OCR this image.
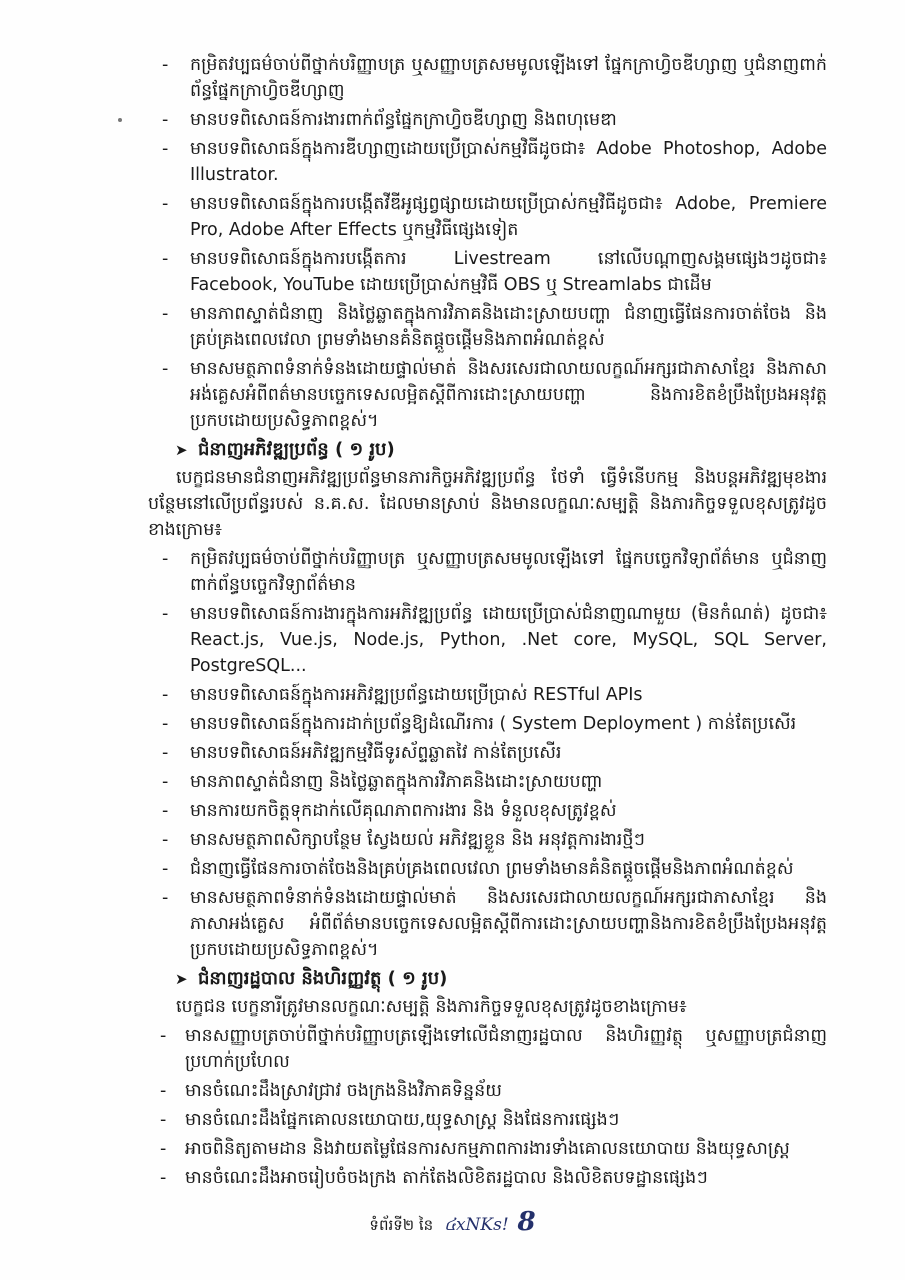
- កម្រិតវប្បធម៌ចាប់ពីថ្នាក់បរិញ្ញាបត្រ ឬសញ្ញាបត្រសមមូលឡើងទៅ ផ្នែកក្រាហ្វិចឌីហ្សាញ ឬជំនាញពាក់ព័ន្ធផ្នែកក្រាហ្វិចឌីហ្សាញ
- មានបទពិសោធន៍ការងារពាក់ព័ន្ធផ្នែកក្រាហ្វិចឌីហ្សាញ និងពហុមេឌា
- មានបទពិសោធន៍ក្នុងការឌីហ្សាញដោយប្រើប្រាស់កម្មវិធីដូចជា៖ Adobe Photoshop, Adobe Illustrator.
- មានបទពិសោធន៍ក្នុងការបង្កើតវីឌីអូផ្សព្វផ្សាយដោយប្រើប្រាស់កម្មវិធីដូចជា៖ Adobe, Premiere Pro, Adobe After Effects ឬកម្មវិធីផ្សេងទៀត
- មានបទពិសោធន៍ក្នុងការបង្កើតការ Livestream នៅលើបណ្តាញសង្គមផ្សេងៗដូចជា៖ Facebook, YouTube ដោយប្រើប្រាស់កម្មវិធី OBS ឬ Streamlabs ជាដើម
- មានភាពស្ទាត់ជំនាញ និងថ្លៃឆ្លាតក្នុងការវិភាគនិងដោះស្រាយបញ្ហា ជំនាញធ្វើផែនការចាត់ចែង និងគ្រប់គ្រងពេលវេលា ព្រមទាំងមានគំនិតផ្តួចផ្តើមនិងភាពអំណត់ខ្ពស់
- មានសមត្ថភាពទំនាក់ទំនងដោយផ្ទាល់មាត់ និងសរសេរជាលាយលក្ខណ៍អក្សរជាភាសាខ្មែរ និងភាសាអង់គ្លេសអំពីពត៌មានបច្ចេកទេសលម្អិតស្តីពីការដោះស្រាយបញ្ហា និងការខិតខំប្រឹងប្រែងអនុវត្តប្រកបដោយប្រសិទ្ធភាពខ្ពស់។
➤ ជំនាញអភិវឌ្ឍប្រព័ន្ធ ( ១ រូប)
បេក្ខជនមានជំនាញអភិវឌ្ឍប្រព័ន្ធមានភារកិច្ចអភិវឌ្ឍប្រព័ន្ធ ថែទាំ ធ្វើទំនើបកម្ម និងបន្តអភិវឌ្ឍមុខងារបន្ថែមនៅលើប្រព័ន្ធរបស់ ន.គ.ស. ដែលមានស្រាប់ និងមានលក្ខណៈសម្បត្តិ និងភារកិច្ចទទួលខុសត្រូវដូចខាងក្រោម៖
- កម្រិតវប្បធម៌ចាប់ពីថ្នាក់បរិញ្ញាបត្រ ឬសញ្ញាបត្រសមមូលឡើងទៅ ផ្នែកបច្ចេកវិទ្យាព័ត៌មាន ឬជំនាញពាក់ព័ន្ធបច្ចេកវិទ្យាព័ត៌មាន
- មានបទពិសោធន៍ការងារក្នុងការអភិវឌ្ឍប្រព័ន្ធ ដោយប្រើប្រាស់ជំនាញណាមួយ (មិនកំណត់) ដូចជា៖ React.js, Vue.js, Node.js, Python, .Net core, MySQL, SQL Server, PostgreSQL...
- មានបទពិសោធន៍ក្នុងការអភិវឌ្ឍប្រព័ន្ធដោយប្រើប្រាស់ RESTful APIs
- មានបទពិសោធន៍ក្នុងការដាក់ប្រព័ន្ធឱ្យដំណើរការ ( System Deployment ) កាន់តែប្រសើរ
- មានបទពិសោធន៍អភិវឌ្ឍកម្មវិធីទូរស័ព្ទឆ្លាតវៃ កាន់តែប្រសើរ
- មានភាពស្ទាត់ជំនាញ និងថ្លៃឆ្លាតក្នុងការវិភាគនិងដោះស្រាយបញ្ហា
- មានការយកចិត្តទុកដាក់លើគុណភាពការងារ និង ទំនួលខុសត្រូវខ្ពស់
- មានសមត្ថភាពសិក្សាបន្ថែម ស្វែងយល់ អភិវឌ្ឍខ្លួន និង អនុវត្តការងារថ្មីៗ
- ជំនាញធ្វើផែនការចាត់ចែងនិងគ្រប់គ្រងពេលវេលា ព្រមទាំងមានគំនិតផ្តួចផ្តើមនិងភាពអំណត់ខ្ពស់
- មានសមត្ថភាពទំនាក់ទំនងដោយផ្ទាល់មាត់ និងសរសេរជាលាយលក្ខណ៍អក្សរជាភាសាខ្មែរ និងភាសាអង់គ្លេស អំពីព័ត៌មានបច្ចេកទេសលម្អិតស្តីពីការដោះស្រាយបញ្ហានិងការខិតខំប្រឹងប្រែងអនុវត្តប្រកបដោយប្រសិទ្ធភាពខ្ពស់។
➤ ជំនាញរដ្ឋបាល និងហិរញ្ញវត្ថុ ( ១ រូប)
បេក្ខជន បេក្ខនារីត្រូវមានលក្ខណៈសម្បត្តិ និងភារកិច្ចទទួលខុសត្រូវដូចខាងក្រោម៖
- មានសញ្ញាបត្រចាប់ពីថ្នាក់បរិញ្ញាបត្រឡើងទៅលើជំនាញរដ្ឋបាល និងហិរញ្ញវត្ថុ ឬសញ្ញាបត្រជំនាញប្រហាក់ប្រហែល
- មានចំណេះដឹងស្រាវជ្រាវ ចងក្រងនិងវិភាគទិន្នន័យ
- មានចំណេះដឹងផ្នែកគោលនយោបាយ,យុទ្ធសាស្ត្រ និងផែនការផ្សេងៗ
- អាចពិនិត្យតាមដាន និងវាយតម្លៃផែនការសកម្មភាពការងារទាំងគោលនយោបាយ និងយុទ្ធសាស្ត្រ
- មានចំណេះដឹងអាចរៀបចំចងក្រង តាក់តែងលិខិតរដ្ឋបាល និងលិខិតបទដ្ឋានផ្សេងៗ
ទំព័រទី២ នៃ ៤xNKs! 8
